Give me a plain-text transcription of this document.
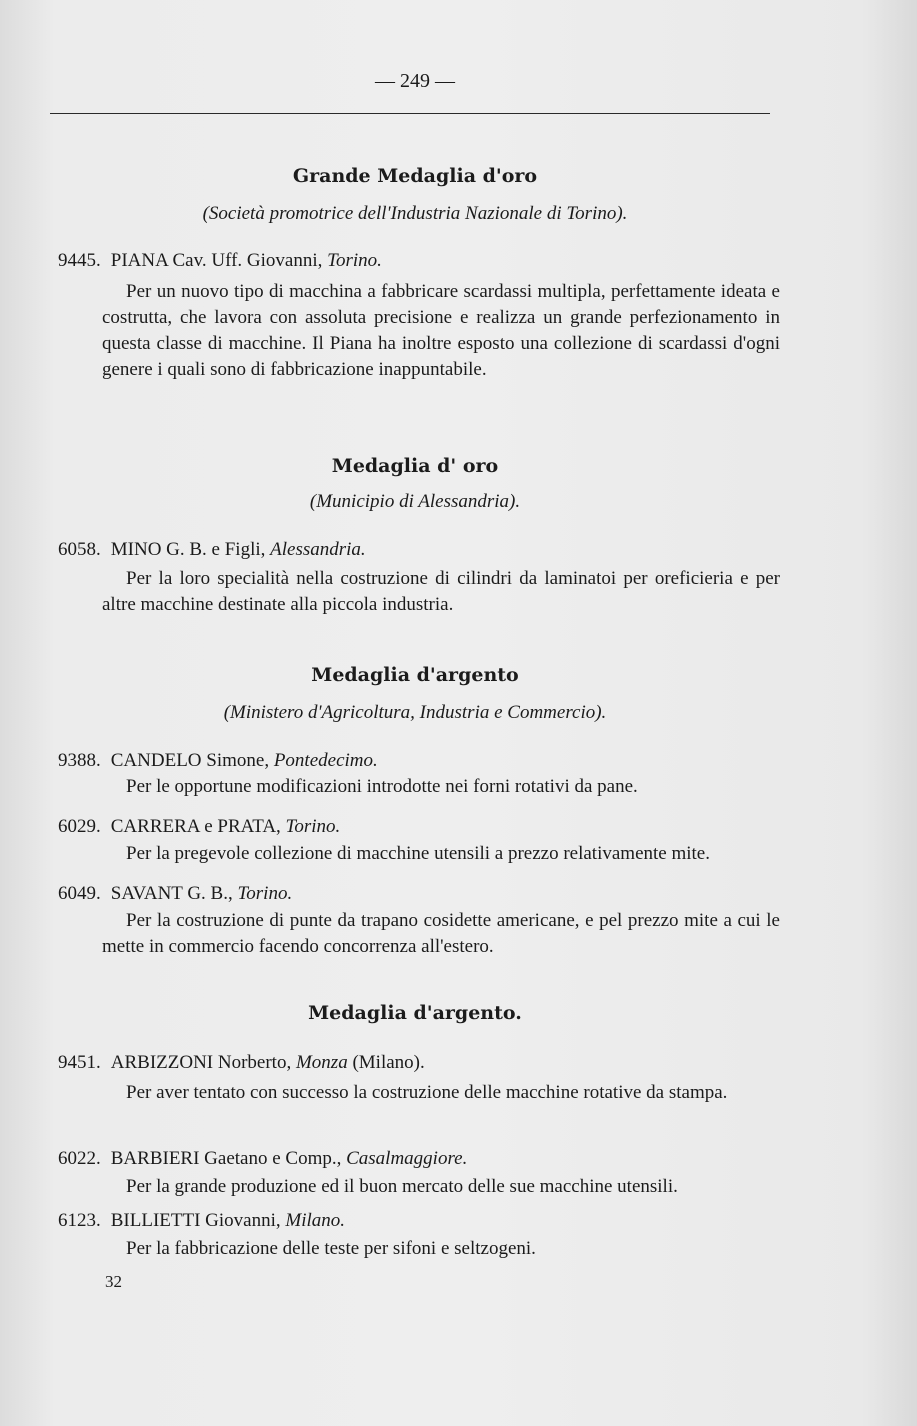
— 249 —
Grande Medaglia d'oro
(Società promotrice dell'Industria Nazionale di Torino).
9445. PIANA Cav. Uff. Giovanni, Torino.
Per un nuovo tipo di macchina a fabbricare scardassi multipla, perfettamente ideata e costrutta, che lavora con assoluta precisione e realizza un grande perfezionamento in questa classe di macchine. Il Piana ha inoltre esposto una collezione di scardassi d'ogni genere i quali sono di fabbricazione inappuntabile.
Medaglia d' oro
(Municipio di Alessandria).
6058. MINO G. B. e Figli, Alessandria.
Per la loro specialità nella costruzione di cilindri da laminatoi per oreficieria e per altre macchine destinate alla piccola industria.
Medaglia d'argento
(Ministero d'Agricoltura, Industria e Commercio).
9388. CANDELO Simone, Pontedecimo.
Per le opportune modificazioni introdotte nei forni rotativi da pane.
6029. CARRERA e PRATA, Torino.
Per la pregevole collezione di macchine utensili a prezzo relativamente mite.
6049. SAVANT G. B., Torino.
Per la costruzione di punte da trapano cosidette americane, e pel prezzo mite a cui le mette in commercio facendo concorrenza all'estero.
Medaglia d'argento.
9451. ARBIZZONI Norberto, Monza (Milano).
Per aver tentato con successo la costruzione delle macchine rotative da stampa.
6022. BARBIERI Gaetano e Comp., Casalmaggiore.
Per la grande produzione ed il buon mercato delle sue macchine utensili.
6123. BILLIETTI Giovanni, Milano.
Per la fabbricazione delle teste per sifoni e seltzogeni.
32
